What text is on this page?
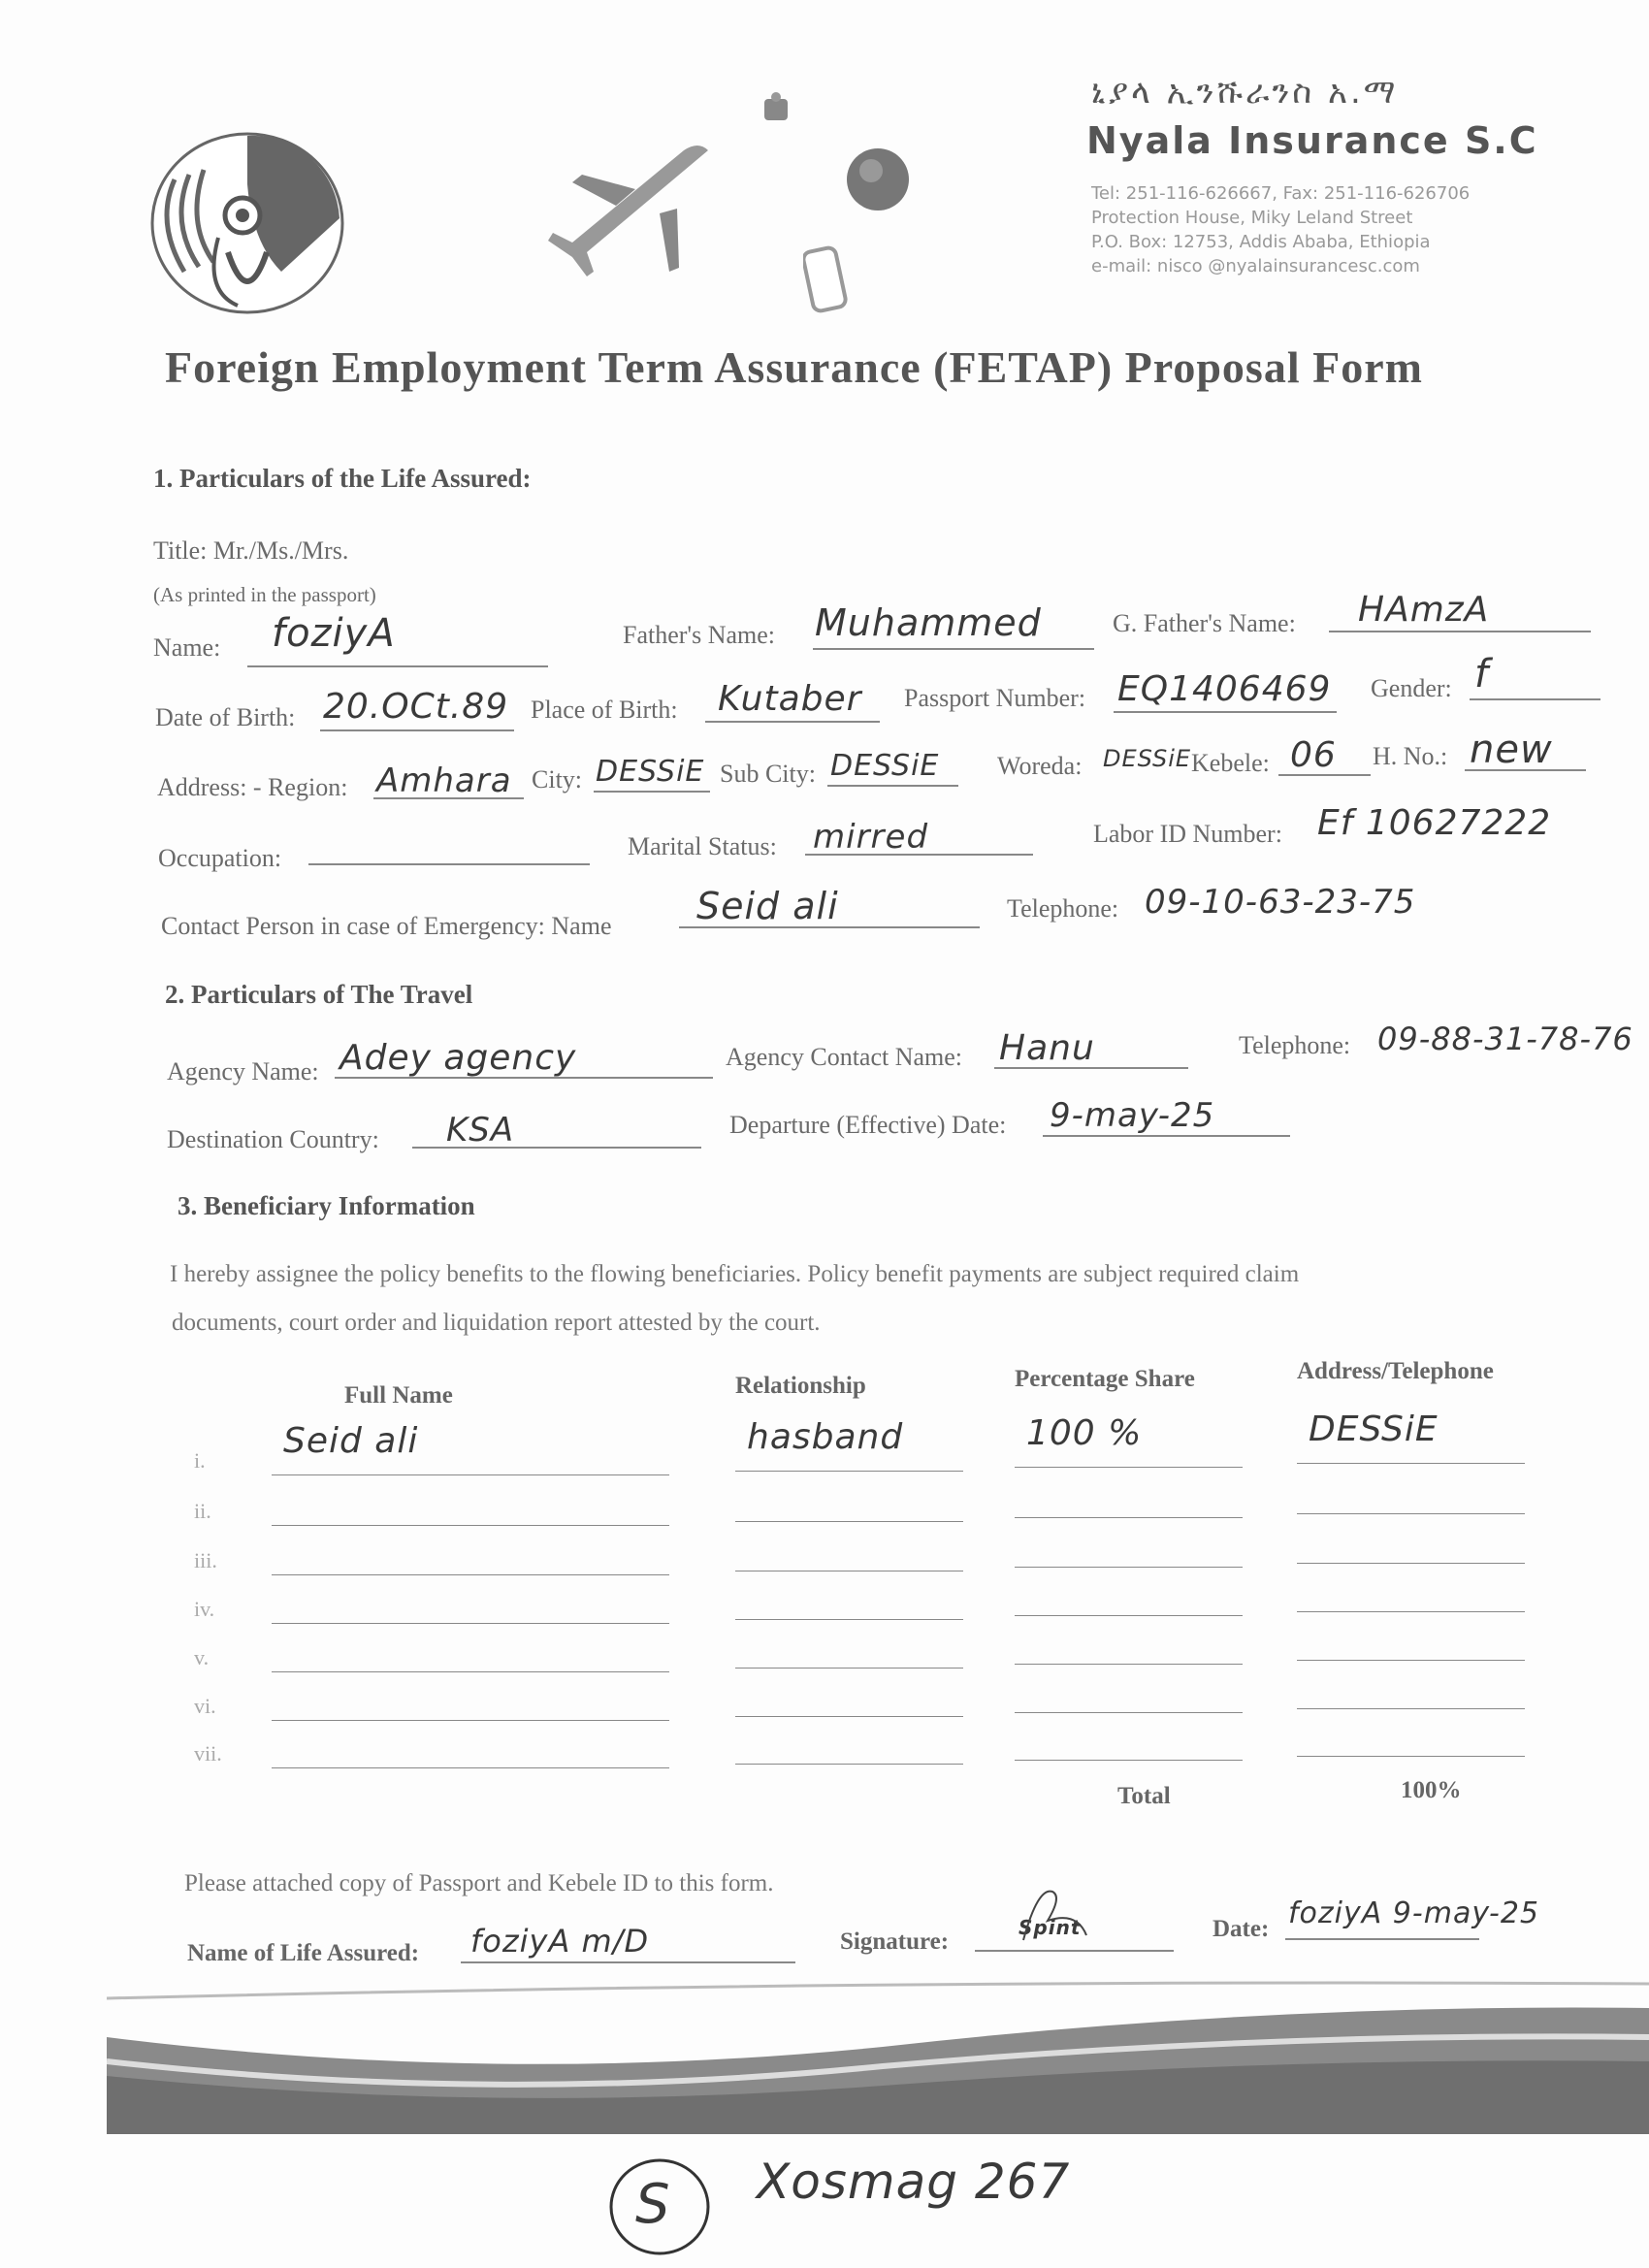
ኒያላ ኢንሹራንስ አ.ማ
Nyala Insurance S.C
Tel: 251-116-626667, Fax: 251-116-626706
Protection House, Miky Leland Street
P.O. Box: 12753, Addis Ababa, Ethiopia
e-mail: nisco @nyalainsurancesc.com
Foreign Employment Term Assurance (FETAP) Proposal Form
1. Particulars of the Life Assured:
Title: Mr./Ms./Mrs.
(As printed in the passport)
Name: foziyA	Father's Name: Muhammed	G. Father's Name: HAmzA
Date of Birth: 20.OCt.89 Place of Birth: Kutaber Passport Number: EQ1406469 Gender: f
Address: - Region: Amhara City: DESSiE Sub City: DESSiE Woreda: DESSiE Kebele: 06 H. No.: new
Occupation:	Marital Status: mirred	Labor ID Number: Ef 10627222
Contact Person in case of Emergency: Name Seid ali	Telephone: 09-10-63-23-75
2. Particulars of The Travel
Agency Name: Adey agency	Agency Contact Name: Hanu	Telephone: 09-88-31-78-76
Destination Country: KSA	Departure (Effective) Date: 9-may-25
3. Beneficiary Information
I hereby assignee the policy benefits to the flowing beneficiaries. Policy benefit payments are subject required claim
documents, court order and liquidation report attested by the court.
Full Name	Relationship	Percentage Share	Address/Telephone
i. Seid ali	hasband	100 %	DESSiE
ii.
iii.
iv.
v.
vi.
vii.
Total	100%
Please attached copy of Passport and Kebele ID to this form.
Name of Life Assured: foziyA m/D	Signature:
Spint	Date: foziyA 9-may-25
S Xosmag 267
